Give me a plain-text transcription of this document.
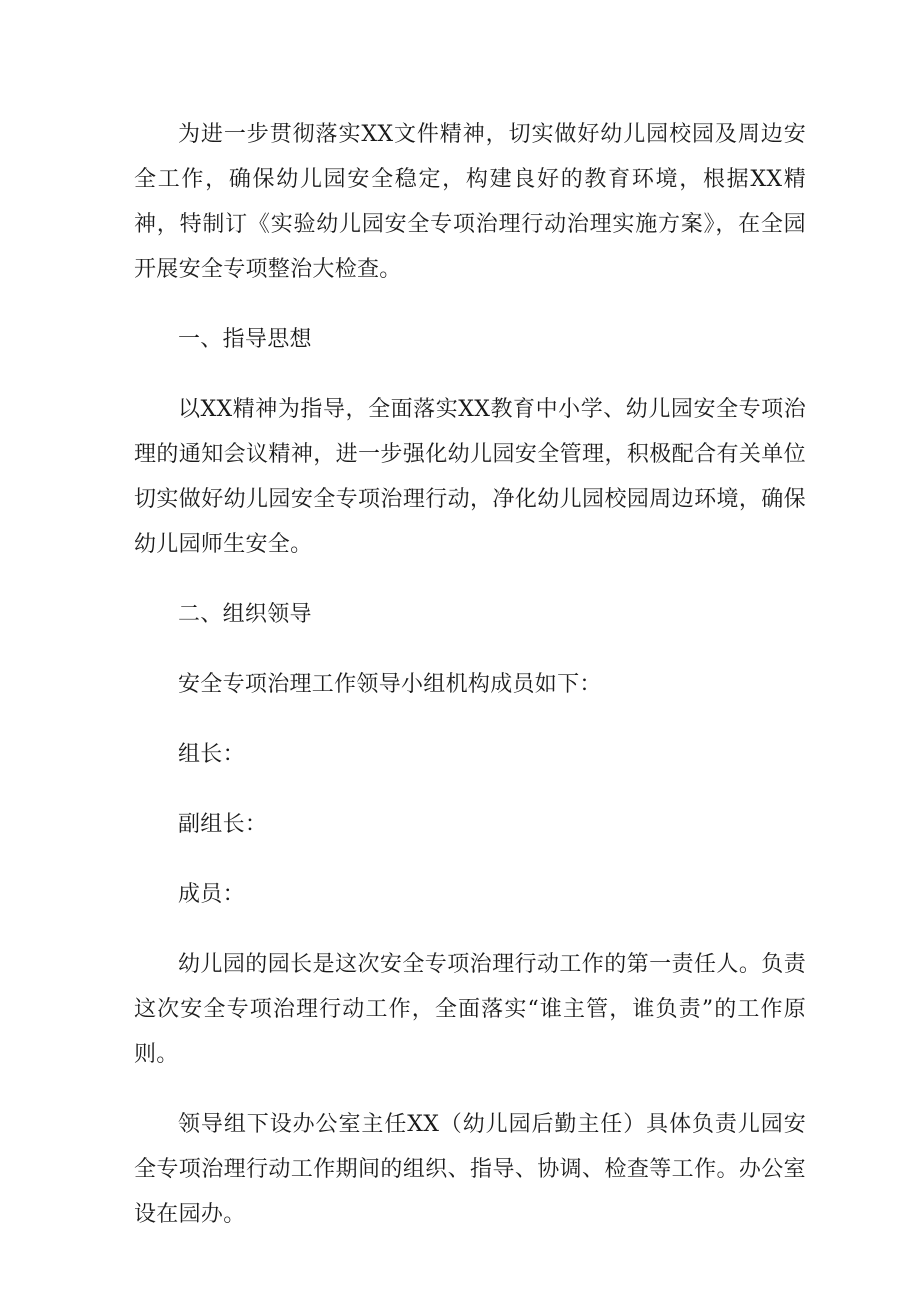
为进一步贯彻落实XX文件精神，切实做好幼儿园校园及周边安全工作，确保幼儿园安全稳定，构建良好的教育环境，根据XX精神，特制订《实验幼儿园安全专项治理行动治理实施方案》，在全园开展安全专项整治大检查。

一、指导思想

以XX精神为指导，全面落实XX教育中小学、幼儿园安全专项治理的通知会议精神，进一步强化幼儿园安全管理，积极配合有关单位切实做好幼儿园安全专项治理行动，净化幼儿园校园周边环境，确保幼儿园师生安全。

二、组织领导

安全专项治理工作领导小组机构成员如下：

组长：

副组长：

成员：

幼儿园的园长是这次安全专项治理行动工作的第一责任人。负责这次安全专项治理行动工作，全面落实“谁主管，谁负责”的工作原则。

领导组下设办公室主任XX（幼儿园后勤主任）具体负责儿园安全专项治理行动工作期间的组织、指导、协调、检查等工作。办公室设在园办。
